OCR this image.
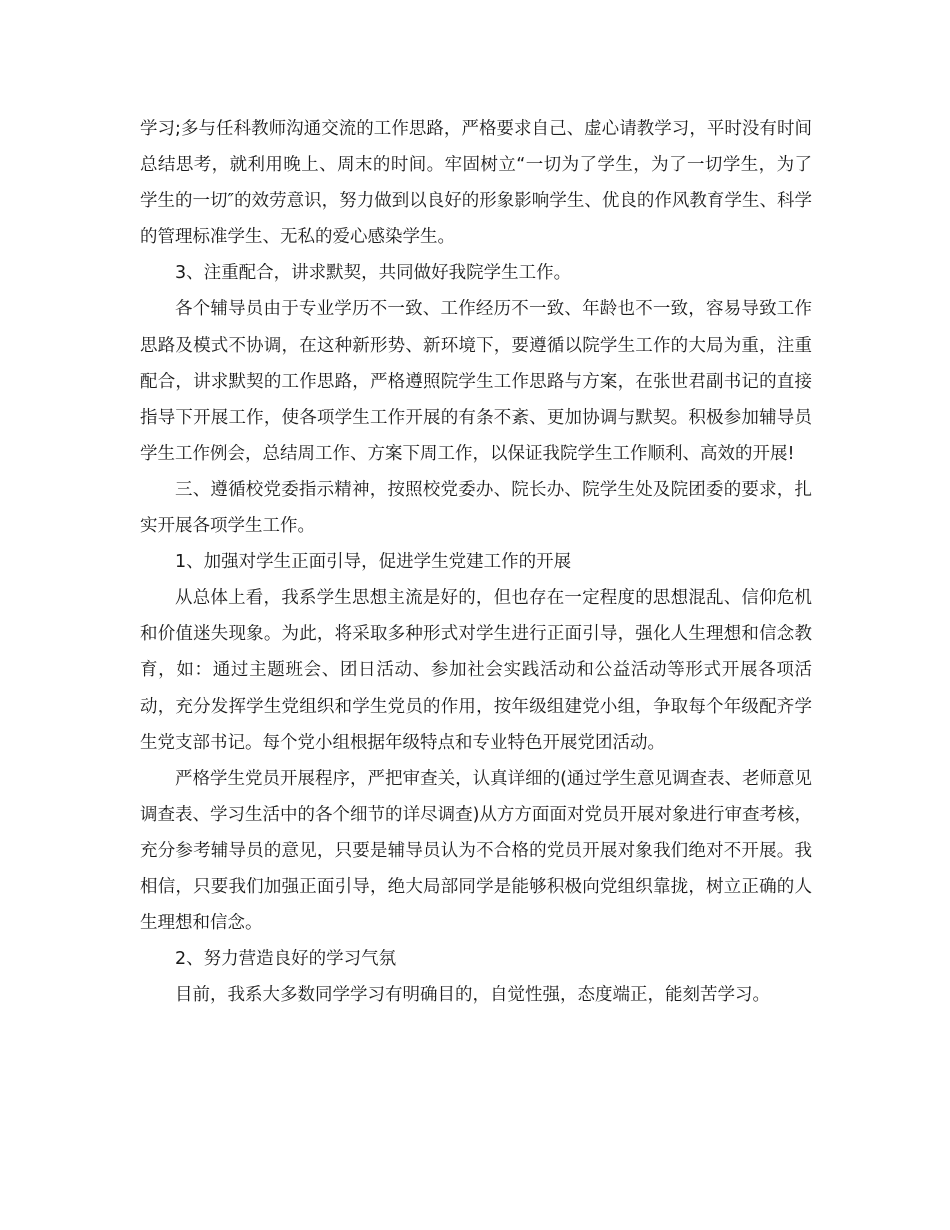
学习;多与任科教师沟通交流的工作思路，严格要求自己、虚心请教学习，平时没有时间总结思考，就利用晚上、周末的时间。牢固树立“一切为了学生，为了一切学生，为了学生的一切″的效劳意识，努力做到以良好的形象影响学生、优良的作风教育学生、科学的管理标准学生、无私的爱心感染学生。

3、注重配合，讲求默契，共同做好我院学生工作。

各个辅导员由于专业学历不一致、工作经历不一致、年龄也不一致，容易导致工作思路及模式不协调，在这种新形势、新环境下，要遵循以院学生工作的大局为重，注重配合，讲求默契的工作思路，严格遵照院学生工作思路与方案，在张世君副书记的直接指导下开展工作，使各项学生工作开展的有条不紊、更加协调与默契。积极参加辅导员学生工作例会，总结周工作、方案下周工作，以保证我院学生工作顺利、高效的开展!

三、遵循校党委指示精神，按照校党委办、院长办、院学生处及院团委的要求，扎实开展各项学生工作。

1、加强对学生正面引导，促进学生党建工作的开展

从总体上看，我系学生思想主流是好的，但也存在一定程度的思想混乱、信仰危机和价值迷失现象。为此，将采取多种形式对学生进行正面引导，强化人生理想和信念教育，如：通过主题班会、团日活动、参加社会实践活动和公益活动等形式开展各项活动，充分发挥学生党组织和学生党员的作用，按年级组建党小组，争取每个年级配齐学生党支部书记。每个党小组根据年级特点和专业特色开展党团活动。

严格学生党员开展程序，严把审查关，认真详细的(通过学生意见调查表、老师意见调查表、学习生活中的各个细节的详尽调查)从方方面面对党员开展对象进行审查考核，充分参考辅导员的意见，只要是辅导员认为不合格的党员开展对象我们绝对不开展。我相信，只要我们加强正面引导，绝大局部同学是能够积极向党组织靠拢，树立正确的人生理想和信念。

2、努力营造良好的学习气氛

目前，我系大多数同学学习有明确目的，自觉性强，态度端正，能刻苦学习。
